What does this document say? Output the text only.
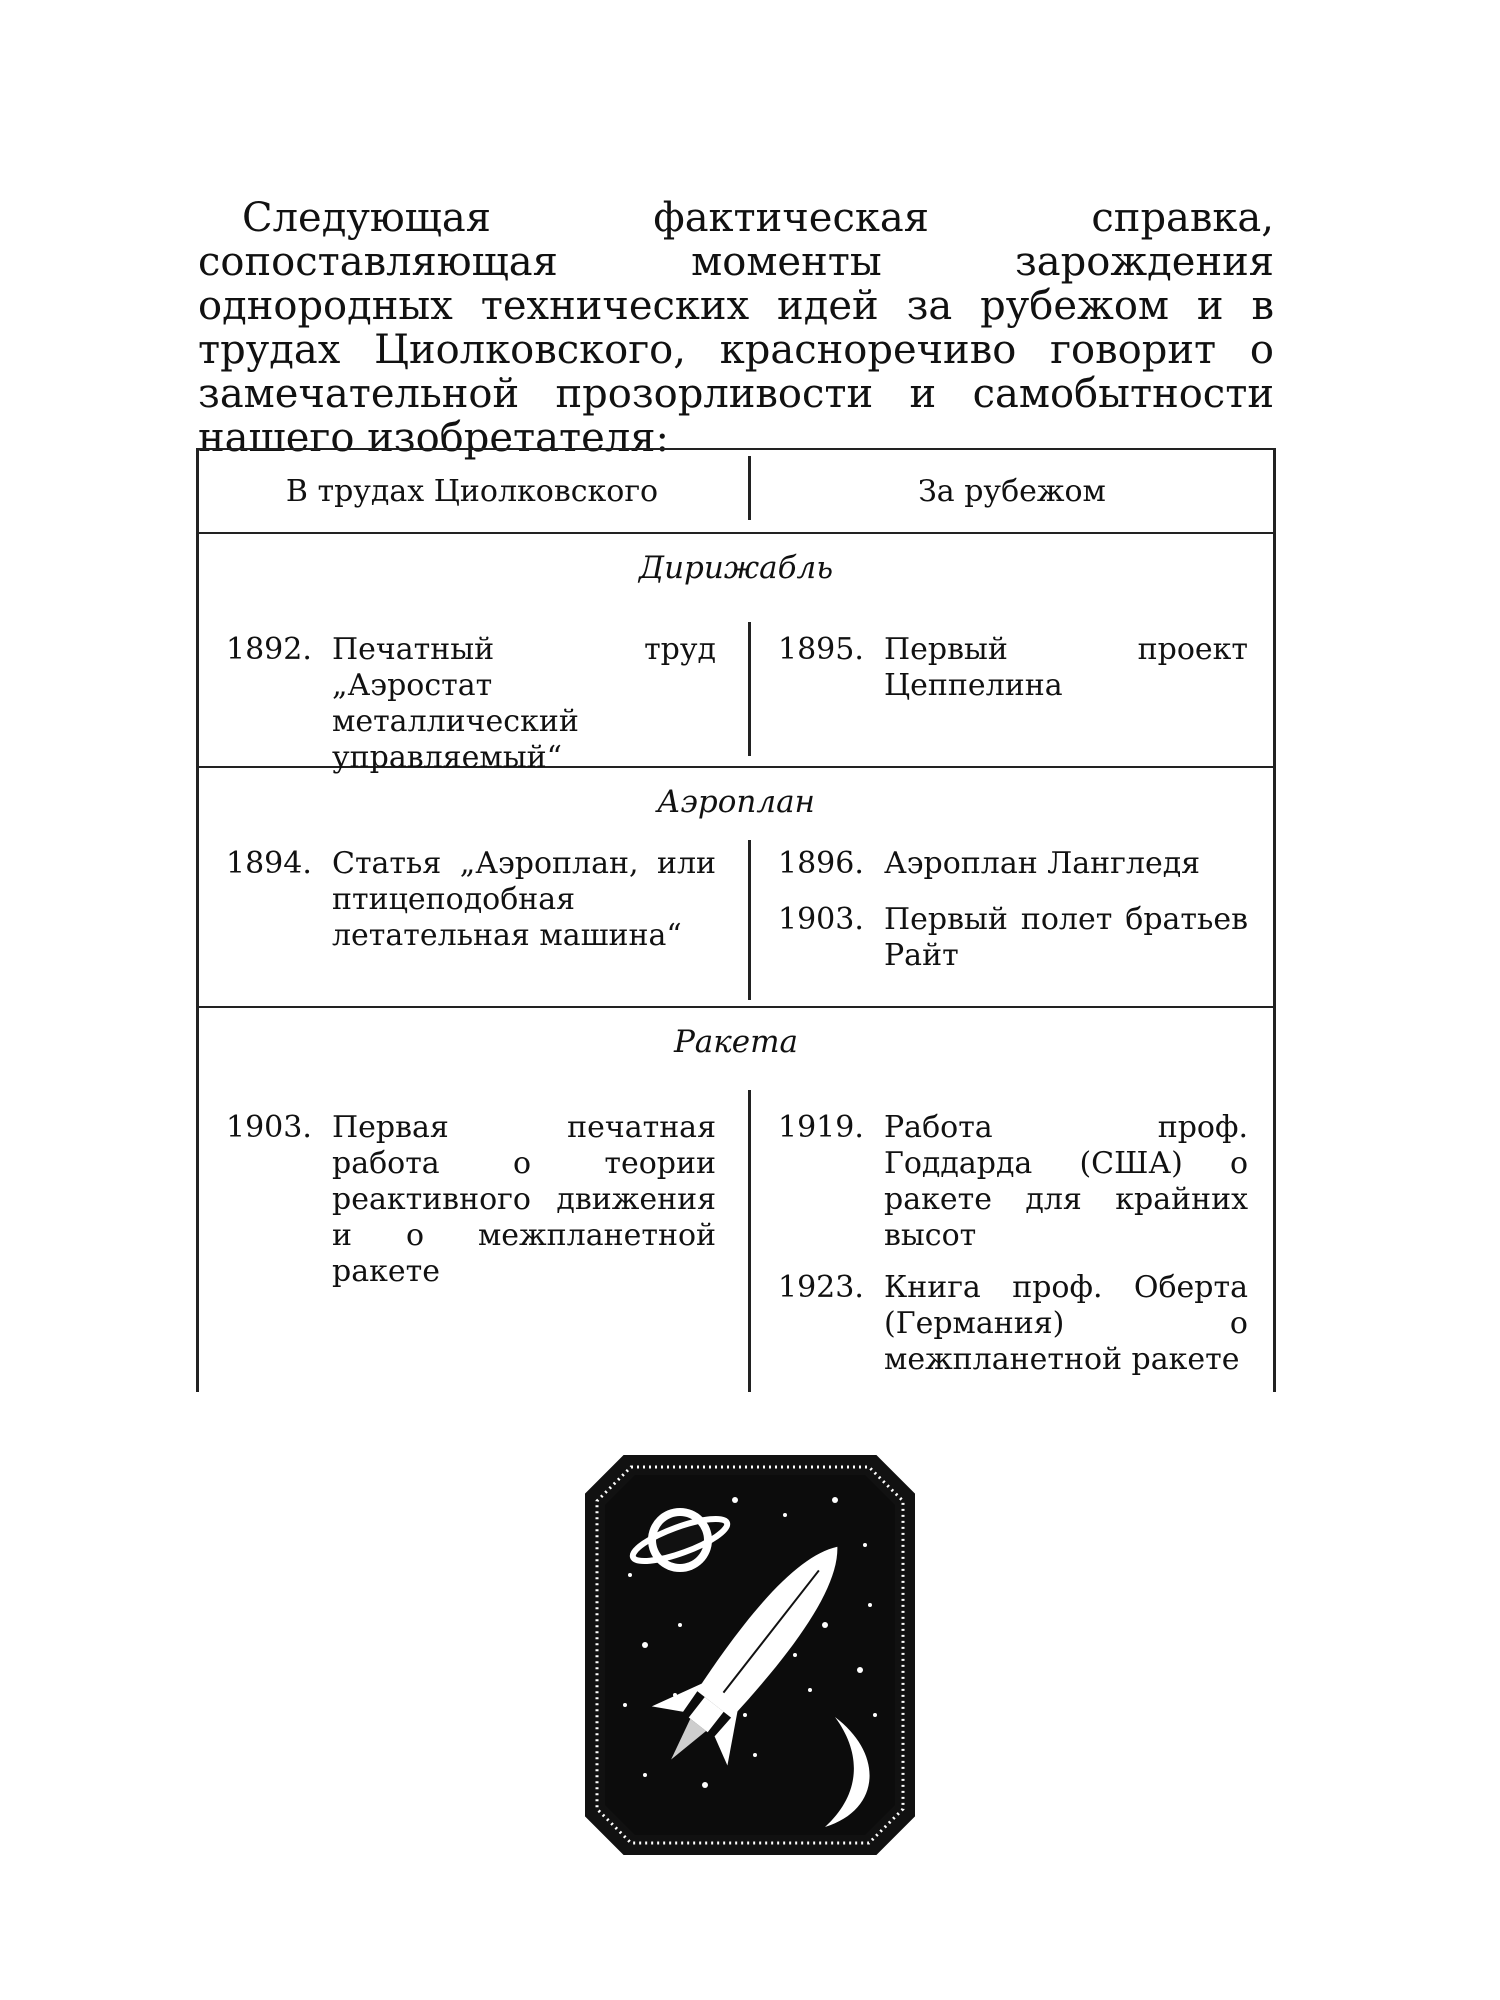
Следующая фактическая справка, сопоставляющая моменты зарождения однородных технических идей за рубежом и в трудах Циолковского, красноречиво говорит о замечательной прозорливости и самобытности нашего изобретателя:

В трудах Циолковского	За рубежом
Дирижабль
1892. Печатный труд „Аэростат металлический управляемый“
1895. Первый проект Цеппелина
Аэроплан
1894. Статья „Аэроплан, или птицеподобная летательная машина“
1896. Аэроплан Лангледя
1903. Первый полет братьев Райт
Ракета
1903. Первая печатная работа о теории реактивного движения и о межпланетной ракете
1919. Работа проф. Годдарда (США) о ракете для крайних высот
1923. Книга проф. Оберта (Германия) о межпланетной ракете
